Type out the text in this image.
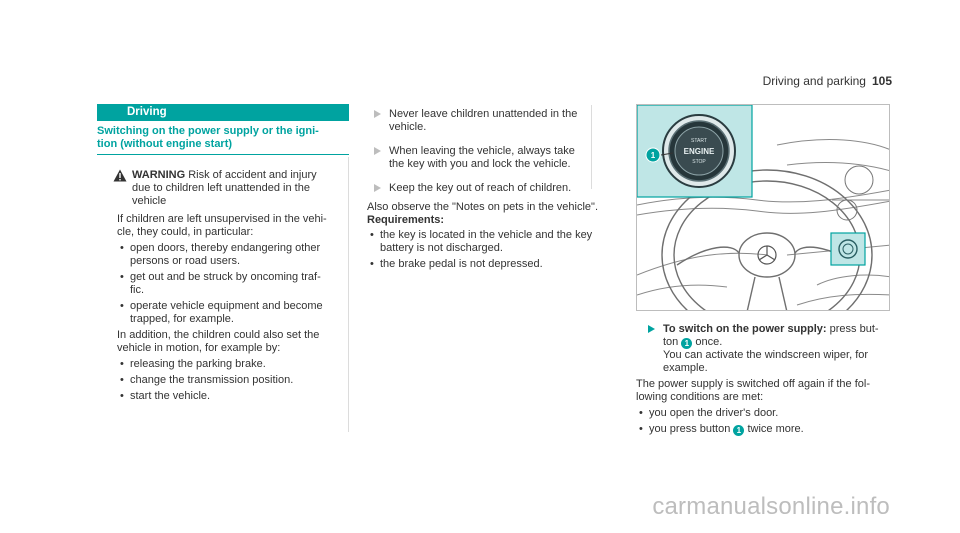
Driving and parking 105
Driving
Switching on the power supply or the igni‑
tion (without engine start)
WARNING Risk of accident and injury
due to children left unattended in the
vehicle
If children are left unsupervised in the vehi‑
cle, they could, in particular:
• open doors, thereby endangering other
persons or road users.
• get out and be struck by oncoming traf‑
fic.
• operate vehicle equipment and become
trapped, for example.
In addition, the children could also set the
vehicle in motion, for example by:
• releasing the parking brake.
• change the transmission position.
• start the vehicle.
Never leave children unattended in the
vehicle.
When leaving the vehicle, always take
the key with you and lock the vehicle.
Keep the key out of reach of children.
Also observe the "Notes on pets in the vehicle".
Requirements:
• the key is located in the vehicle and the key
battery is not discharged.
• the brake pedal is not depressed.
START
ENGINE
STOP
1
To switch on the power supply: press but‑
ton 1 once.
You can activate the windscreen wiper, for
example.
The power supply is switched off again if the fol‑
lowing conditions are met:
• you open the driver's door.
• you press button 1 twice more.
carmanualsonline.info
